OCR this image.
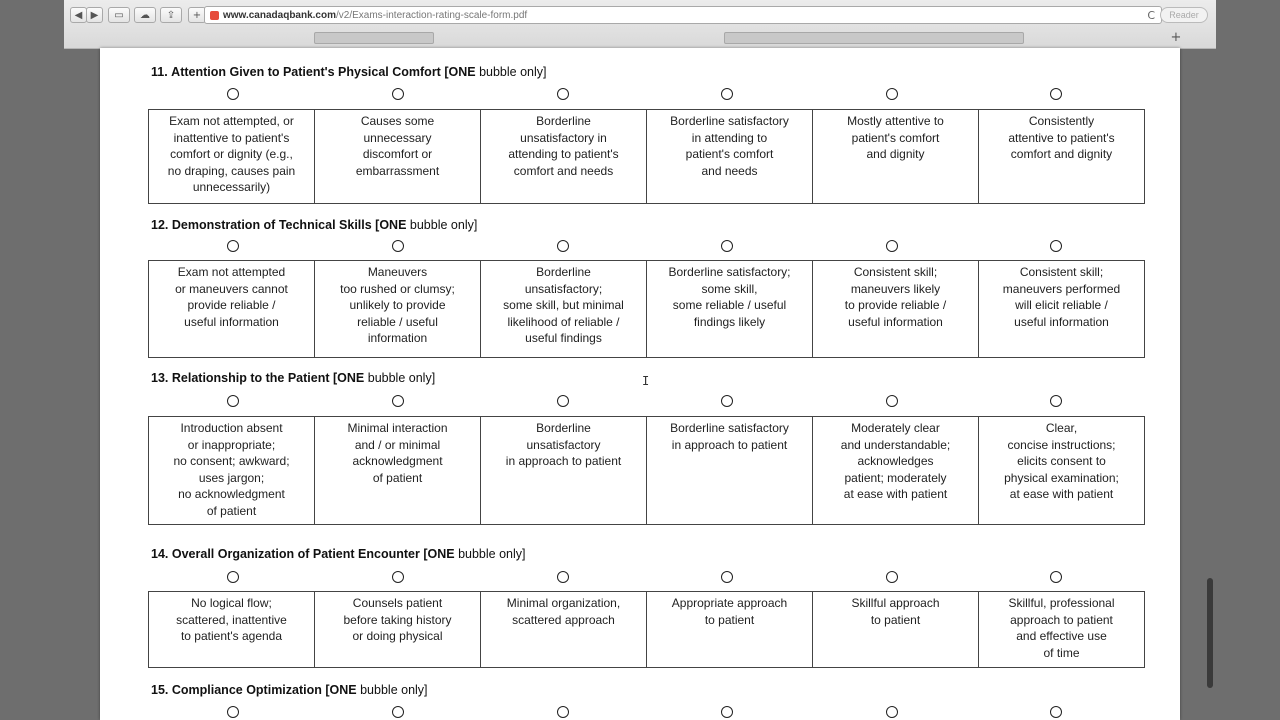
◀ ▶ ▭ ☁ ⇪ + www.canadaqbank.com /v2/Exams-interaction-rating-scale-form.pdf	C	Reader
+
11. Attention Given to Patient's Physical Comfort [ONE bubble only]
Exam not attempted, or
inattentive to patient's
comfort or dignity (e.g.,
no draping, causes pain
unnecessarily)
Causes some
unnecessary
discomfort or
embarrassment
Borderline
unsatisfactory in
attending to patient's
comfort and needs
Borderline satisfactory
in attending to
patient's comfort
and needs
Mostly attentive to
patient's comfort
and dignity
Consistently
attentive to patient's
comfort and dignity
12. Demonstration of Technical Skills [ONE bubble only]
Exam not attempted
or maneuvers cannot
provide reliable /
useful information
Maneuvers
too rushed or clumsy;
unlikely to provide
reliable / useful
information
Borderline
unsatisfactory;
some skill, but minimal
likelihood of reliable /
useful findings
Borderline satisfactory;
some skill,
some reliable / useful
findings likely
Consistent skill;
maneuvers likely
to provide reliable /
useful information
Consistent skill;
maneuvers performed
will elicit reliable /
useful information
13. Relationship to the Patient [ONE bubble only]
Introduction absent
or inappropriate;
no consent; awkward;
uses jargon;
no acknowledgment
of patient
Minimal interaction
and / or minimal
acknowledgment
of patient
Borderline
unsatisfactory
in approach to patient
Borderline satisfactory
in approach to patient
Moderately clear
and understandable;
acknowledges
patient; moderately
at ease with patient
Clear,
concise instructions;
elicits consent to
physical examination;
at ease with patient
14. Overall Organization of Patient Encounter [ONE bubble only]
No logical flow;
scattered, inattentive
to patient's agenda
Counsels patient
before taking history
or doing physical
Minimal organization,
scattered approach
Appropriate approach
to patient
Skillful approach
to patient
Skillful, professional
approach to patient
and effective use
of time
15. Compliance Optimization [ONE bubble only]
I
